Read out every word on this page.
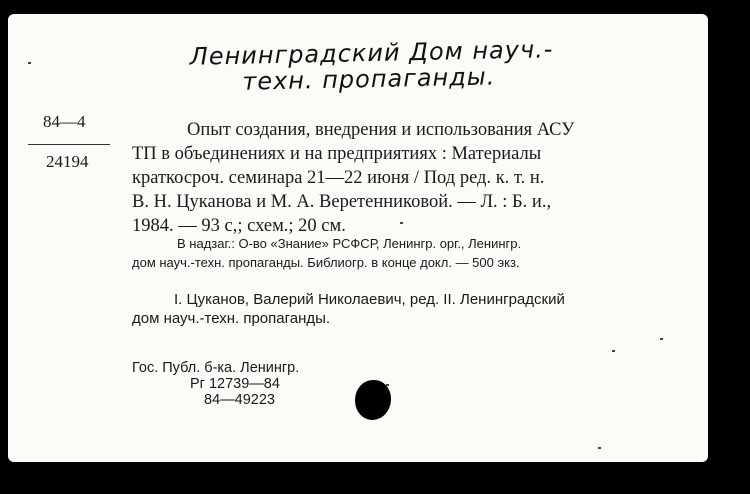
Ленинградский Дом науч.-
техн. пропаганды.
84—4
24194
Опыт создания, внедрения и использования АСУ
ТП в объединениях и на предприятиях : Материалы
краткосроч. семинара 21—22 июня / Под ред. к. т. н.
В. Н. Цуканова и М. А. Веретенниковой. — Л. : Б. и.,
1984. — 93 с,; схем.; 20 см.
В надзаг.: О-во «Знание» РСФСР, Ленингр. орг., Ленингр.
дом науч.-техн. пропаганды. Библиогр. в конце докл. — 500 экз.
I. Цуканов, Валерий Николаевич, ред. II. Ленинградский
дом науч.-техн. пропаганды.
Гос. Публ. б-ка. Ленингр.
Рг 12739—84
84—49223
